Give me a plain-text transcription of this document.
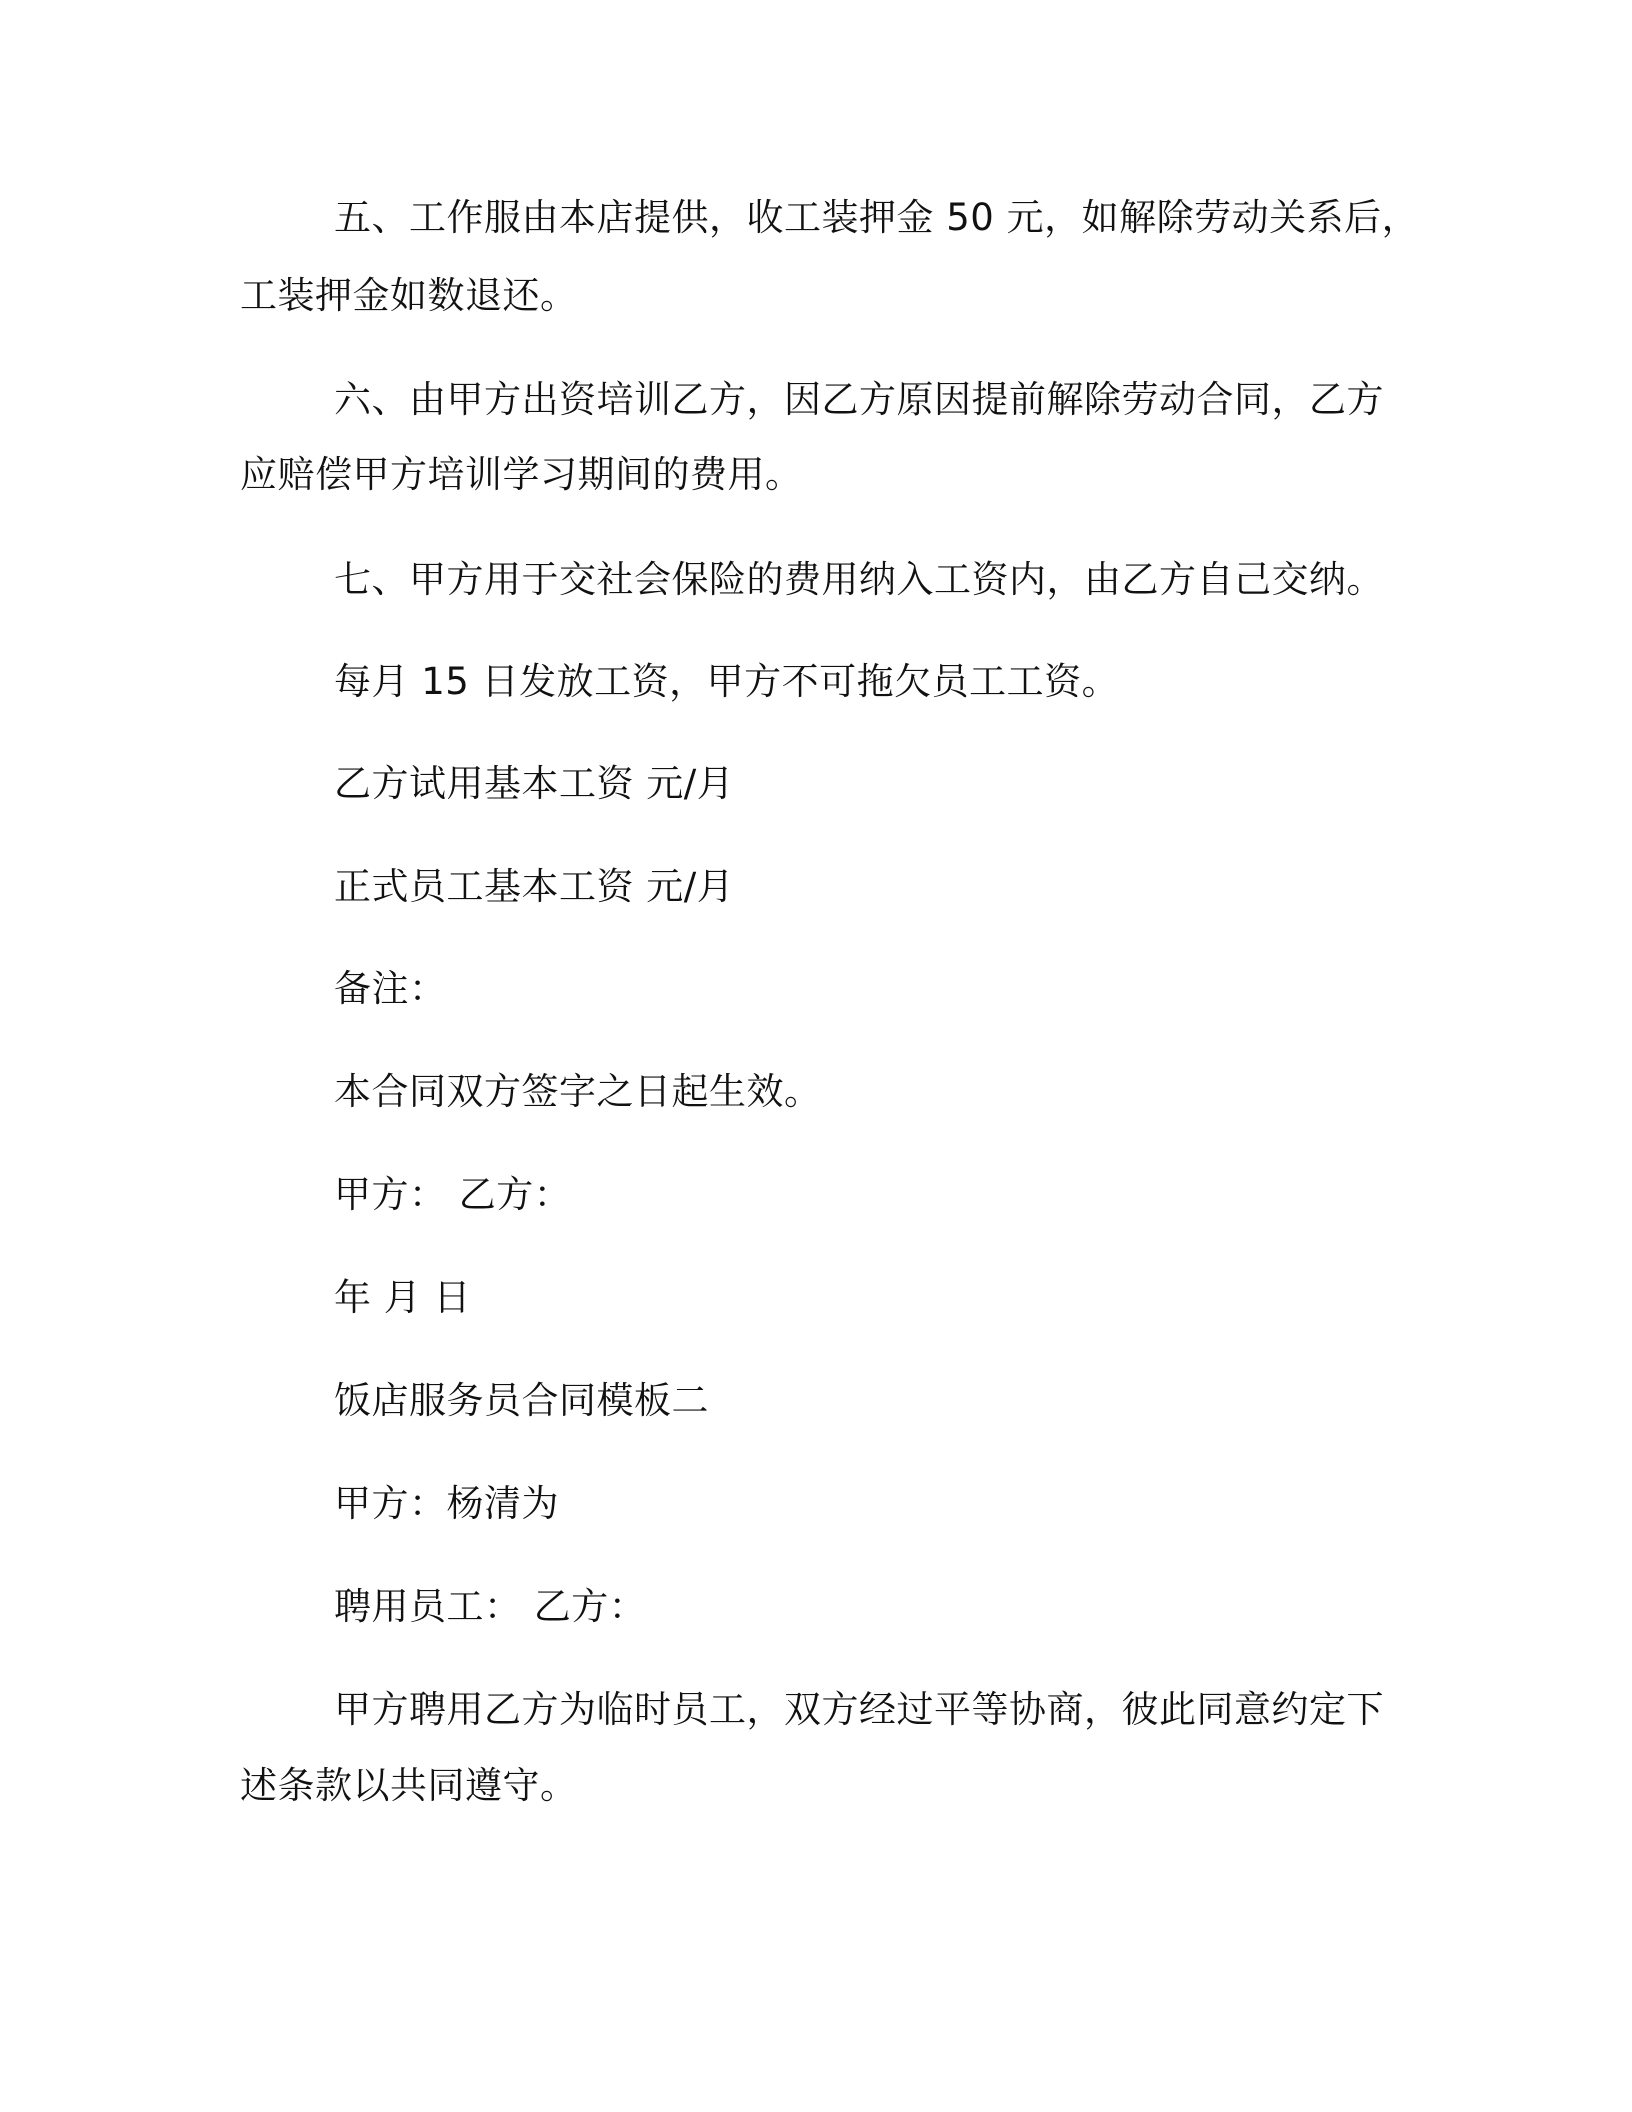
五、工作服由本店提供，收工装押金 50 元，如解除劳动关系后，
工装押金如数退还。
六、由甲方出资培训乙方，因乙方原因提前解除劳动合同，乙方
应赔偿甲方培训学习期间的费用。
七、甲方用于交社会保险的费用纳入工资内，由乙方自己交纳。
每月 15 日发放工资，甲方不可拖欠员工工资。
乙方试用基本工资 元/月
正式员工基本工资 元/月
备注：
本合同双方签字之日起生效。
甲方： 乙方：
年 月 日
饭店服务员合同模板二
甲方：杨清为
聘用员工： 乙方：
甲方聘用乙方为临时员工，双方经过平等协商，彼此同意约定下
述条款以共同遵守。
